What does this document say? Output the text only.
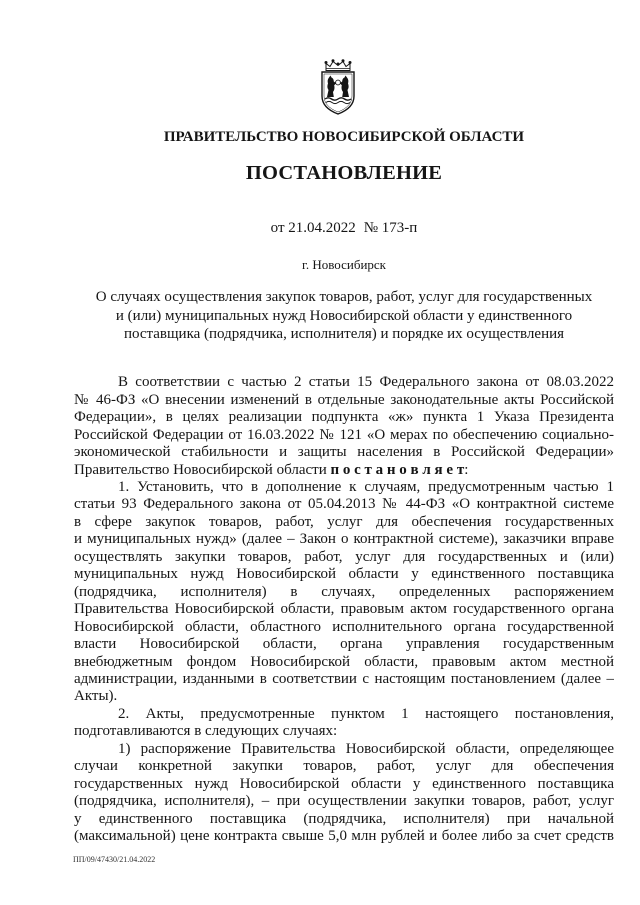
ПРАВИТЕЛЬСТВО НОВОСИБИРСКОЙ ОБЛАСТИ
ПОСТАНОВЛЕНИЕ
от 21.04.2022 № 173-п
г. Новосибирск
О случаях осуществления закупок товаров, работ, услуг для государственных
и (или) муниципальных нужд Новосибирской области у единственного
поставщика (подрядчика, исполнителя) и порядке их осуществления
В соответствии с частью 2 статьи 15 Федерального закона от 08.03.2022
№ 46-ФЗ «О внесении изменений в отдельные законодательные акты Российской
Федерации», в целях реализации подпункта «ж» пункта 1 Указа Президента
Российской Федерации от 16.03.2022 № 121 «О мерах по обеспечению социально-
экономической стабильности и защиты населения в Российской Федерации»
Правительство Новосибирской области п о с т а н о в л я е т:
1. Установить, что в дополнение к случаям, предусмотренным частью 1
статьи 93 Федерального закона от 05.04.2013 № 44-ФЗ «О контрактной системе
в сфере закупок товаров, работ, услуг для обеспечения государственных
и муниципальных нужд» (далее – Закон о контрактной системе), заказчики вправе
осуществлять закупки товаров, работ, услуг для государственных и (или)
муниципальных нужд Новосибирской области у единственного поставщика
(подрядчика, исполнителя) в случаях, определенных распоряжением
Правительства Новосибирской области, правовым актом государственного органа
Новосибирской области, областного исполнительного органа государственной
власти Новосибирской области, органа управления государственным
внебюджетным фондом Новосибирской области, правовым актом местной
администрации, изданными в соответствии с настоящим постановлением (далее –
Акты).
2. Акты, предусмотренные пунктом 1 настоящего постановления,
подготавливаются в следующих случаях:
1) распоряжение Правительства Новосибирской области, определяющее
случаи конкретной закупки товаров, работ, услуг для обеспечения
государственных нужд Новосибирской области у единственного поставщика
(подрядчика, исполнителя), – при осуществлении закупки товаров, работ, услуг
у единственного поставщика (подрядчика, исполнителя) при начальной
(максимальной) цене контракта свыше 5,0 млн рублей и более либо за счет средств
ПП/09/47430/21.04.2022
